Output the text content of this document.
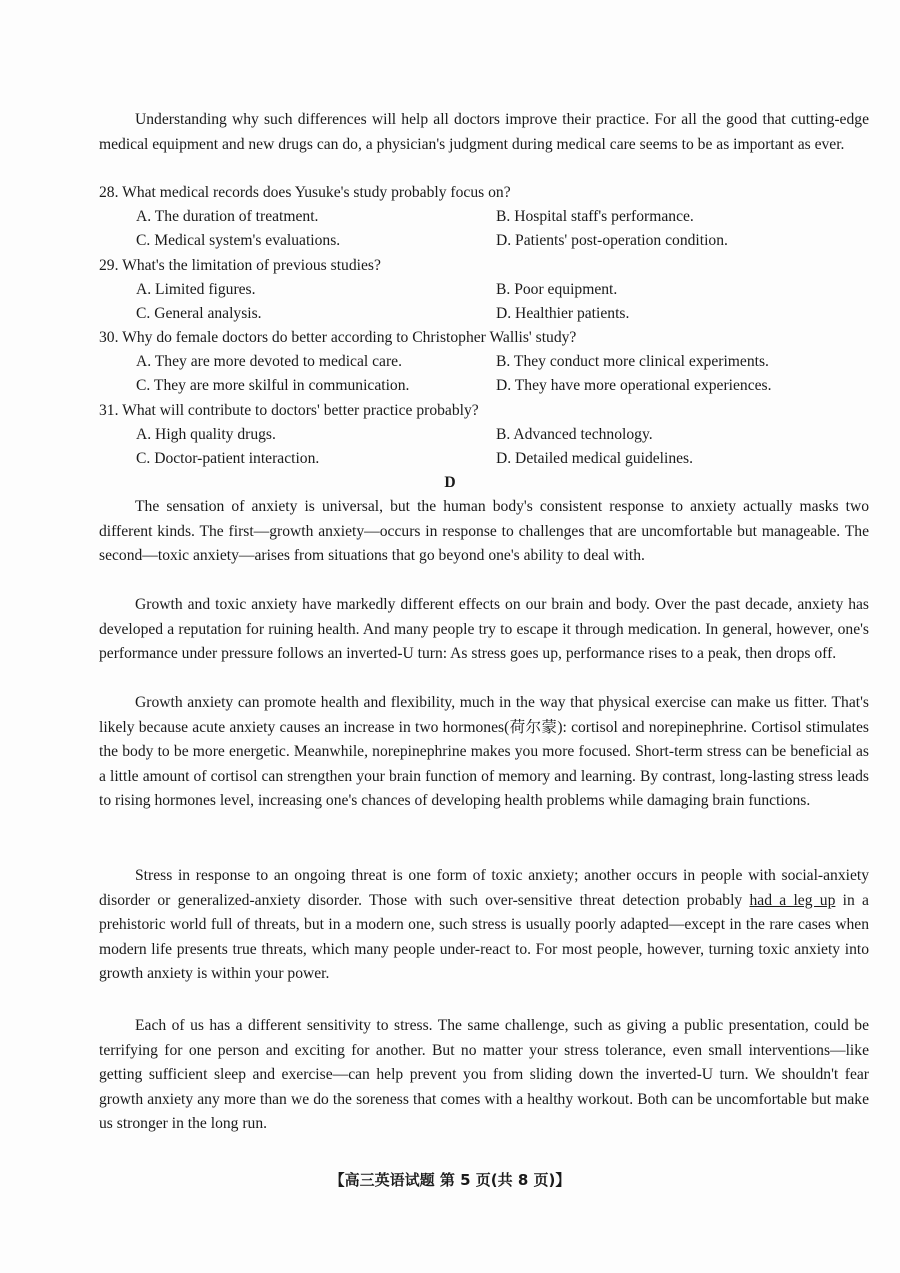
Understanding why such differences will help all doctors improve their practice. For all the good that cutting-edge medical equipment and new drugs can do, a physician's judgment during medical care seems to be as important as ever.

28. What medical records does Yusuke's study probably focus on?

A. The duration of treatment.	B. Hospital staff's performance.
C. Medical system's evaluations.	D. Patients' post-operation condition.

29. What's the limitation of previous studies?

A. Limited figures.	B. Poor equipment.
C. General analysis.	D. Healthier patients.

30. Why do female doctors do better according to Christopher Wallis' study?

A. They are more devoted to medical care.	B. They conduct more clinical experiments.
C. They are more skilful in communication.	D. They have more operational experiences.

31. What will contribute to doctors' better practice probably?

A. High quality drugs.	B. Advanced technology.
C. Doctor-patient interaction.	D. Detailed medical guidelines.

D

The sensation of anxiety is universal, but the human body's consistent response to anxiety actually masks two different kinds. The first—growth anxiety—occurs in response to challenges that are uncomfortable but manageable. The second—toxic anxiety—arises from situations that go beyond one's ability to deal with.

Growth and toxic anxiety have markedly different effects on our brain and body. Over the past decade, anxiety has developed a reputation for ruining health. And many people try to escape it through medication. In general, however, one's performance under pressure follows an inverted-U turn: As stress goes up, performance rises to a peak, then drops off.

Growth anxiety can promote health and flexibility, much in the way that physical exercise can make us fitter. That's likely because acute anxiety causes an increase in two hormones(荷尔蒙): cortisol and norepinephrine. Cortisol stimulates the body to be more energetic. Meanwhile, norepinephrine makes you more focused. Short-term stress can be beneficial as a little amount of cortisol can strengthen your brain function of memory and learning. By contrast, long-lasting stress leads to rising hormones level, increasing one's chances of developing health problems while damaging brain functions.

Stress in response to an ongoing threat is one form of toxic anxiety; another occurs in people with social-anxiety disorder or generalized-anxiety disorder. Those with such over-sensitive threat detection probably had a leg up in a prehistoric world full of threats, but in a modern one, such stress is usually poorly adapted—except in the rare cases when modern life presents true threats, which many people under-react to. For most people, however, turning toxic anxiety into growth anxiety is within your power.

Each of us has a different sensitivity to stress. The same challenge, such as giving a public presentation, could be terrifying for one person and exciting for another. But no matter your stress tolerance, even small interventions—like getting sufficient sleep and exercise—can help prevent you from sliding down the inverted-U turn. We shouldn't fear growth anxiety any more than we do the soreness that comes with a healthy workout. Both can be uncomfortable but make us stronger in the long run.

【高三英语试题 第 5 页(共 8 页)】
